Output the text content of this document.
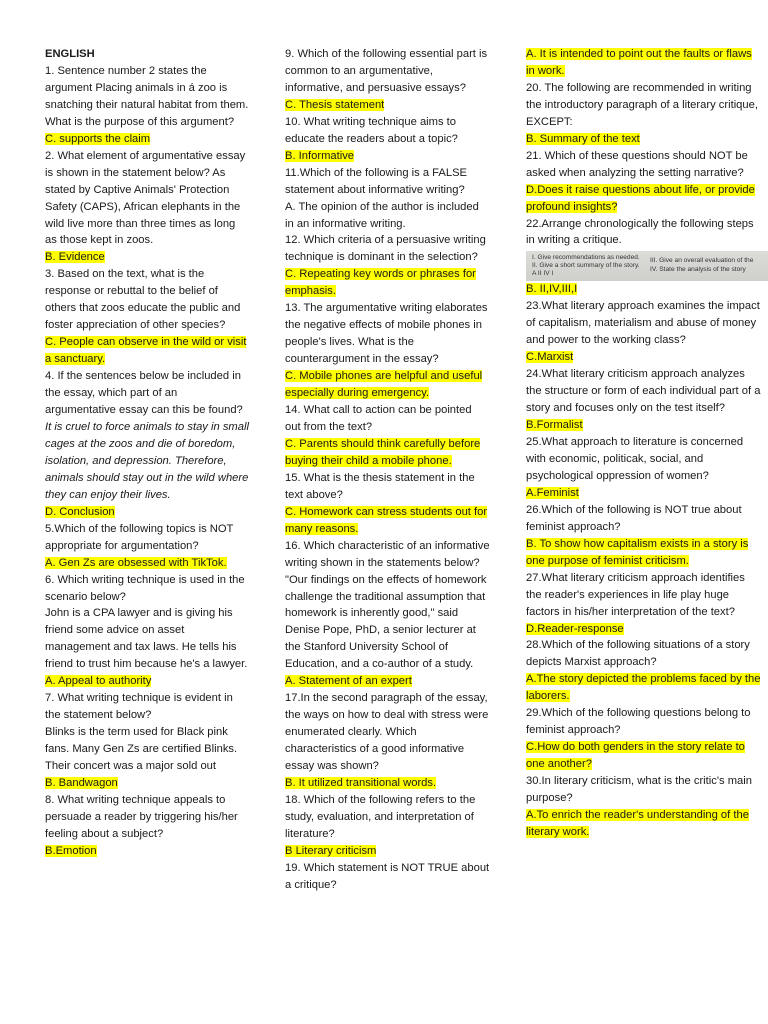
ENGLISH

1. Sentence number 2 states the argument Placing animals in á zoo is snatching their natural habitat from them. What is the purpose of this argument?

C. supports the claim

2. What element of argumentative essay is shown in the statement below? As stated by Captive Animals' Protection Safety (CAPS), African elephants in the wild live more than three times as long as those kept in zoos.

B. Evidence

3. Based on the text, what is the response or rebuttal to the belief of others that zoos educate the public and foster appreciation of other species?

C. People can observe in the wild or visit a sanctuary.

4. If the sentences below be included in the essay, which part of an argumentative essay can this be found?

It is cruel to force animals to stay in small cages at the zoos and die of boredom, isolation, and depression. Therefore, animals should stay out in the wild where they can enjoy their lives.

D. Conclusion

5.Which of the following topics is NOT appropriate for argumentation?

A. Gen Zs are obsessed with TikTok.

6. Which writing technique is used in the scenario below?

John is a CPA lawyer and is giving his friend some advice on asset management and tax laws. He tells his friend to trust him because he's a lawyer.

A. Appeal to authority

7. What writing technique is evident in the statement below?

Blinks is the term used for Black pink fans. Many Gen Zs are certified Blinks. Their concert was a major sold out

B. Bandwagon

8. What writing technique appeals to persuade a reader by triggering his/her feeling about a subject?

B.Emotion

9. Which of the following essential part is common to an argumentative, informative, and persuasive essays?

C. Thesis statement

10. What writing technique aims to educate the readers about a topic?

B. Informative

11.Which of the following is a FALSE statement about informative writing?

A. The opinion of the author is included in an informative writing.

12. Which criteria of a persuasive writing technique is dominant in the selection?

C. Repeating key words or phrases for emphasis.

13. The argumentative writing elaborates the negative effects of mobile phones in people's lives. What is the counterargument in the essay?

C. Mobile phones are helpful and useful especially during emergency.

14. What call to action can be pointed out from the text?

C. Parents should think carefully before buying their child a mobile phone.

15. What is the thesis statement in the text above?

C. Homework can stress students out for many reasons.

16. Which characteristic of an informative writing shown in the statements below? "Our findings on the effects of homework challenge the traditional assumption that homework is inherently good," said Denise Pope, PhD, a senior lecturer at the Stanford University School of Education, and a co-author of a study.

A. Statement of an expert

17.In the second paragraph of the essay, the ways on how to deal with stress were enumerated clearly. Which characteristics of a good informative essay was shown?

B. It utilized transitional words.

18. Which of the following refers to the study, evaluation, and interpretation of literature?

B Literary criticism

19. Which statement is NOT TRUE about a critique?

A. It is intended to point out the faults or flaws in work.

20. The following are recommended in writing the introductory paragraph of a literary critique, EXCEPT:

B. Summary of the text

21. Which of these questions should NOT be asked when analyzing the setting narrative?

D.Does it raise questions about life, or provide profound insights?

22.Arrange chronologically the following steps in writing a critique.

I. Give recommendations as needed.
II. Give a short summary of the story.
A II IV I
III. Give an overall evaluation of the
IV. State the analysis of the story

B. II,IV,III,I

23.What literary approach examines the impact of capitalism, materialism and abuse of money and power to the working class?

C.Marxist

24.What literary criticism approach analyzes the structure or form of each individual part of a story and focuses only on the test itself?

B.Formalist

25.What approach to literature is concerned with economic, politicak, social, and psychological oppression of women?

A.Feminist

26.Which of the following is NOT true about feminist approach?

B. To show how capitalism exists in a story is one purpose of feminist criticism.

27.What literary criticism approach identifies the reader's experiences in life play huge factors in his/her interpretation of the text?

D.Reader-response

28.Which of the following situations of a story depicts Marxist approach?

A.The story depicted the problems faced by the laborers.

29.Which of the following questions belong to feminist approach?

C.How do both genders in the story relate to one another?

30.In literary criticism, what is the critic's main purpose?

A.To enrich the reader's understanding of the literary work.
